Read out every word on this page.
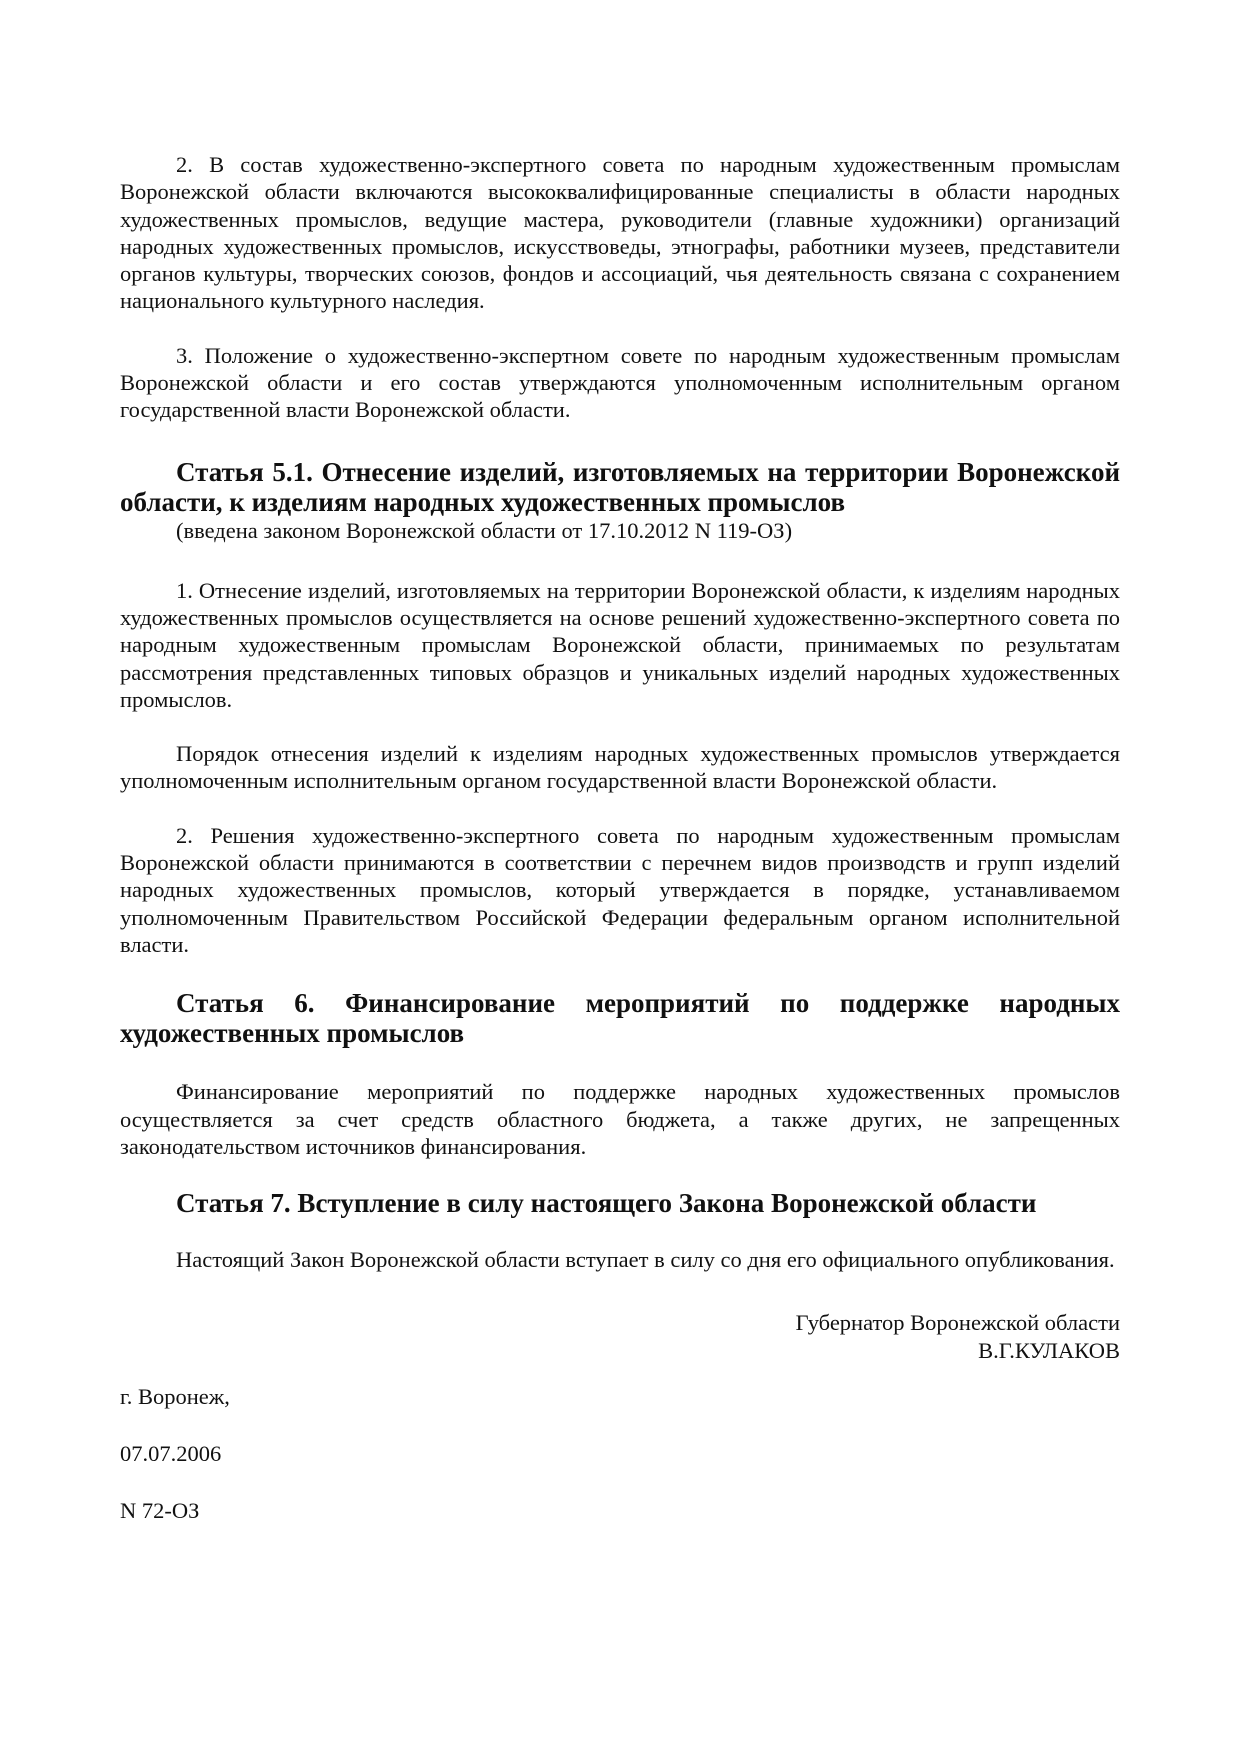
2. В состав художественно-экспертного совета по народным художественным промыслам Воронежской области включаются высококвалифицированные специалисты в области народных художественных промыслов, ведущие мастера, руководители (главные художники) организаций народных художественных промыслов, искусствоведы, этнографы, работники музеев, представители органов культуры, творческих союзов, фондов и ассоциаций, чья деятельность связана с сохранением национального культурного наследия.

3. Положение о художественно-экспертном совете по народным художественным промыслам Воронежской области и его состав утверждаются уполномоченным исполнительным органом государственной власти Воронежской области.

Статья 5.1. Отнесение изделий, изготовляемых на территории Воронежской области, к изделиям народных художественных промыслов
(введена законом Воронежской области от 17.10.2012 N 119-ОЗ)

1. Отнесение изделий, изготовляемых на территории Воронежской области, к изделиям народных художественных промыслов осуществляется на основе решений художественно-экспертного совета по народным художественным промыслам Воронежской области, принимаемых по результатам рассмотрения представленных типовых образцов и уникальных изделий народных художественных промыслов.

Порядок отнесения изделий к изделиям народных художественных промыслов утверждается уполномоченным исполнительным органом государственной власти Воронежской области.

2. Решения художественно-экспертного совета по народным художественным промыслам Воронежской области принимаются в соответствии с перечнем видов производств и групп изделий народных художественных промыслов, который утверждается в порядке, устанавливаемом уполномоченным Правительством Российской Федерации федеральным органом исполнительной власти.

Статья 6. Финансирование мероприятий по поддержке народных художественных промыслов

Финансирование мероприятий по поддержке народных художественных промыслов осуществляется за счет средств областного бюджета, а также других, не запрещенных законодательством источников финансирования.

Статья 7. Вступление в силу настоящего Закона Воронежской области

Настоящий Закон Воронежской области вступает в силу со дня его официального опубликования.

Губернатор Воронежской области
В.Г.КУЛАКОВ
г. Воронеж,
07.07.2006
N 72-ОЗ
